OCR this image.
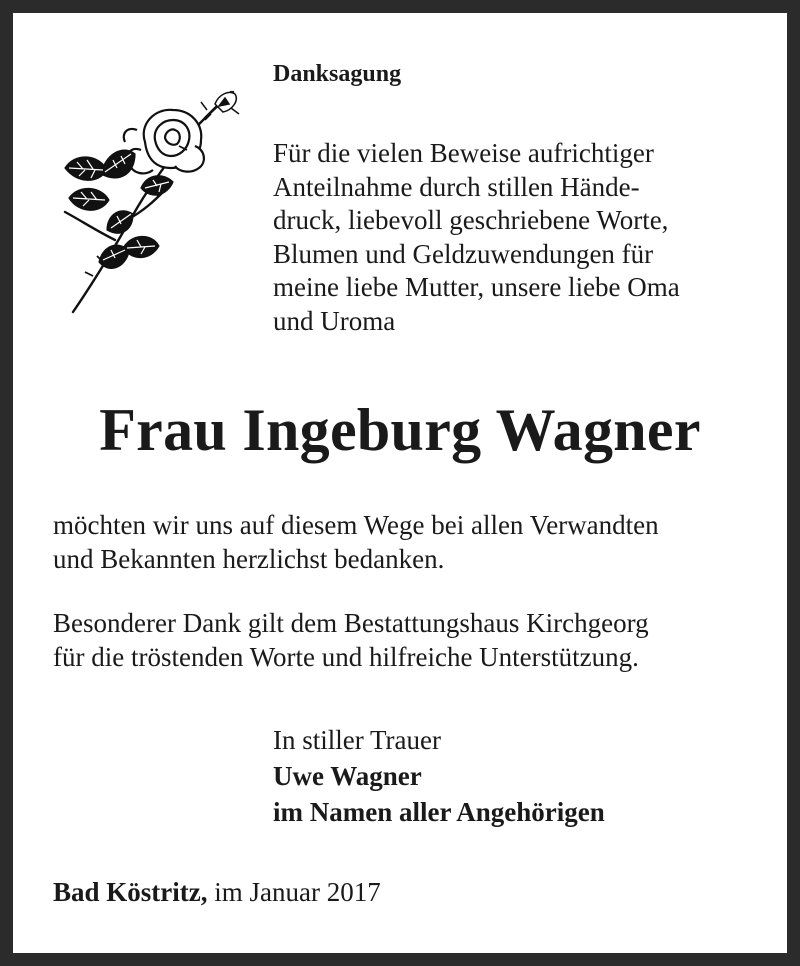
Danksagung
Für die vielen Beweise aufrichtiger
Anteilnahme durch stillen Hände-
druck, liebevoll geschriebene Worte,
Blumen und Geldzuwendungen für
meine liebe Mutter, unsere liebe Oma
und Uroma
Frau Ingeburg Wagner
möchten wir uns auf diesem Wege bei allen Verwandten
und Bekannten herzlichst bedanken.
Besonderer Dank gilt dem Bestattungshaus Kirchgeorg
für die tröstenden Worte und hilfreiche Unterstützung.
In stiller Trauer
Uwe Wagner
im Namen aller Angehörigen
Bad Köstritz, im Januar 2017
